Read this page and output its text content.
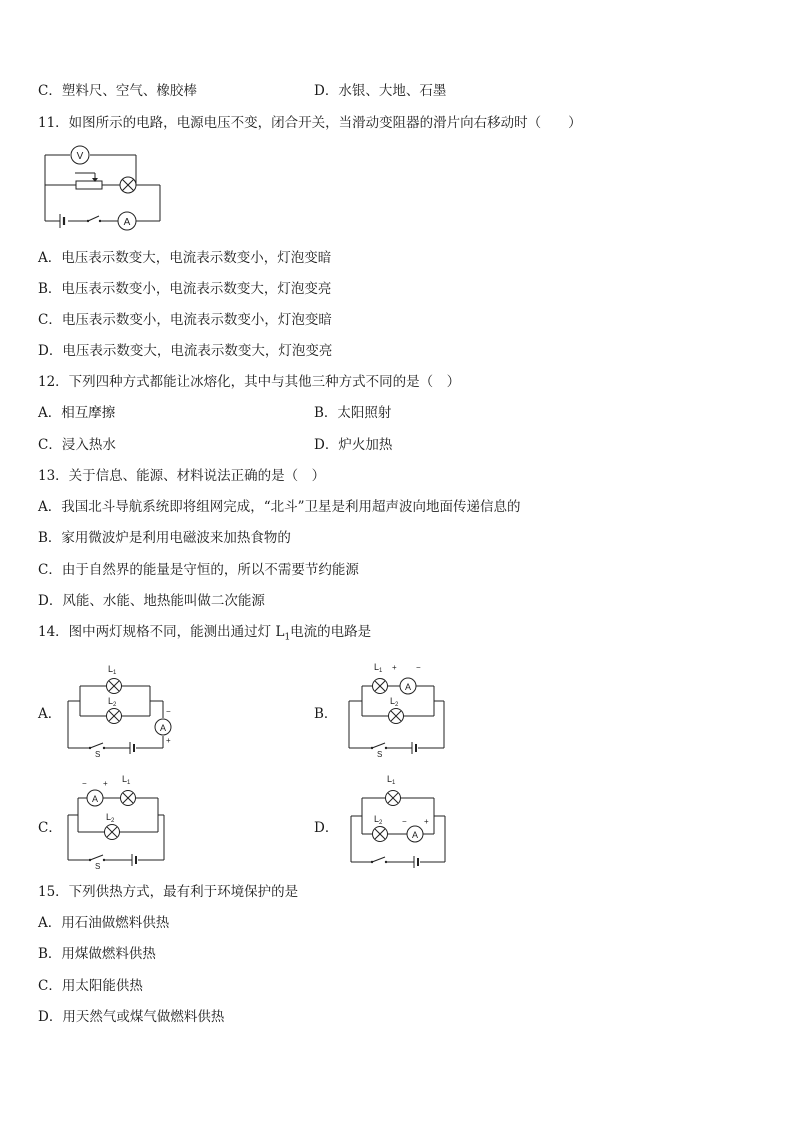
C．塑料尺、空气、橡胶棒	D．水银、大地、石墨
11．如图所示的电路，电源电压不变，闭合开关，当滑动变阻器的滑片向右移动时（　　）
V
A
A．电压表示数变大，电流表示数变小，灯泡变暗
B．电压表示数变小，电流表示数变大，灯泡变亮
C．电压表示数变小，电流表示数变小，灯泡变暗
D．电压表示数变大，电流表示数变大，灯泡变亮
12．下列四种方式都能让冰熔化，其中与其他三种方式不同的是（　）
A．相互摩擦	B．太阳照射
C．浸入热水	D．炉火加热
13．关于信息、能源、材料说法正确的是（　）
A．我国北斗导航系统即将组网完成，“北斗”卫星是利用超声波向地面传递信息的
B．家用微波炉是利用电磁波来加热食物的
C．由于自然界的能量是守恒的，所以不需要节约能源
D．风能、水能、地热能叫做二次能源
14．图中两灯规格不同，能测出通过灯 $L_1$电流的电路是
A．	B．
C．	D．
$L_1$
$L_2$
A
−
+
S
A
$L_1$ + −
$L_2$
S
A
− + $L_1$
$L_2$
S
A
$L_1$
$L_2$ − +
15．下列供热方式，最有利于环境保护的是
A．用石油做燃料供热
B．用煤做燃料供热
C．用太阳能供热
D．用天然气或煤气做燃料供热
